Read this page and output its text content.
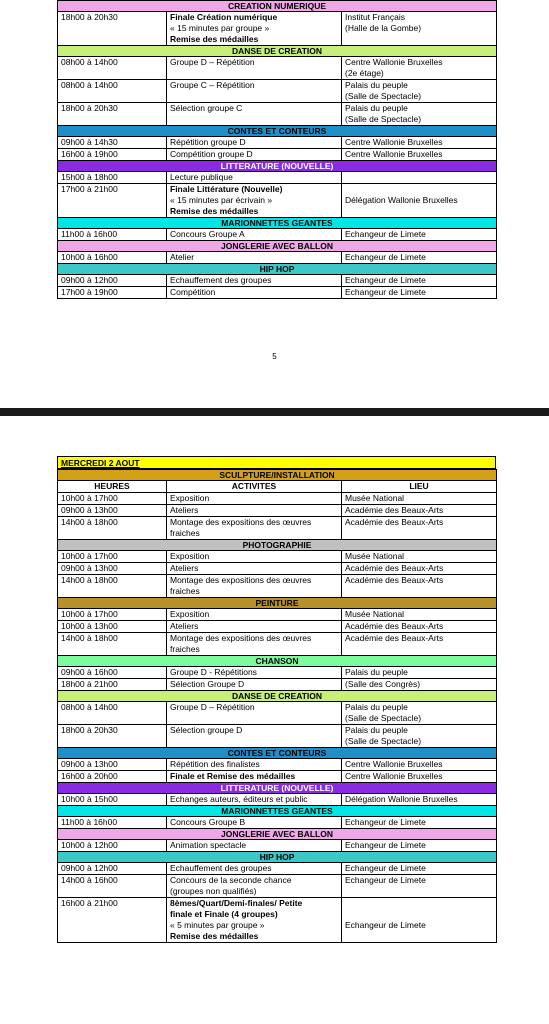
CREATION NUMERIQUE		
18h00 à 20h30	Finale Création numérique
« 15 minutes par groupe »
Remise des médailles	Institut Français
(Halle de la Gombe)

DANSE DE CREATION		
08h00 à 14h00	Groupe D – Répétition	Centre Wallonie Bruxelles
(2e étage)

08h00 à 14h00	Groupe C – Répétition	Palais du peuple
(Salle de Spectacle)

18h00 à 20h30	Sélection groupe C	Palais du peuple
(Salle de Spectacle)

CONTES ET CONTEURS		
09h00 à 14h30	Répétition groupe D	Centre Wallonie Bruxelles

16h00 à 19h00	Compétition groupe D	Centre Wallonie Bruxelles

LITTERATURE (NOUVELLE)		
15h00 à 18h00	Lecture publique	

17h00 à 21h00	Finale Littérature (Nouvelle)
« 15 minutes par écrivain »
Remise des médailles	Délégation Wallonie Bruxelles

MARIONNETTES GEANTES		
11h00 à 16h00	Concours Groupe A	Echangeur de Limete

JONGLERIE AVEC BALLON		
10h00 à 16h00	Atelier	Echangeur de Limete

HIP HOP		
09h00 à 12h00	Echauffement des groupes	Echangeur de Limete

17h00 à 19h00	Compétition	Echangeur de Limete
5
MERCREDI 2 AOUT
SCULPTURE/INSTALLATION		
HEURES	ACTIVITES	LIEU
10h00 à 17h00	Exposition	Musée National

09h00 à 13h00	Ateliers	Académie des Beaux-Arts

14h00 à 18h00	Montage des expositions des œuvres
fraiches	Académie des Beaux-Arts

PHOTOGRAPHIE		
10h00 à 17h00	Exposition	Musée National

09h00 à 13h00	Ateliers	Académie des Beaux-Arts

14h00 à 18h00	Montage des expositions des œuvres
fraiches	Académie des Beaux-Arts

PEINTURE		
10h00 à 17h00	Exposition	Musée National

10h00 à 13h00	Ateliers	Académie des Beaux-Arts

14h00 à 18h00	Montage des expositions des œuvres
fraiches	Académie des Beaux-Arts

CHANSON		
09h00 à 16h00	Groupe D - Répétitions	Palais du peuple

18h00 à 21h00	Sélection Groupe D	(Salle des Congrès)

DANSE DE CREATION		
08h00 à 14h00	Groupe D – Répétition	Palais du peuple
(Salle de Spectacle)

18h00 à 20h30	Sélection groupe D	Palais du peuple
(Salle de Spectacle)

CONTES ET CONTEURS		
09h00 à 13h00	Répétition des finalistes	Centre Wallonie Bruxelles

16h00 à 20h00	Finale et Remise des médailles	Centre Wallonie Bruxelles

LITTERATURE (NOUVELLE)		
10h00 à 15h00	Echanges auteurs, éditeurs et public	Délégation Wallonie Bruxelles

MARIONNETTES GEANTES		
11h00 à 16h00	Concours Groupe B	Echangeur de Limete

JONGLERIE AVEC BALLON		
10h00 à 12h00	Animation spectacle	Echangeur de Limete

HIP HOP		
09h00 à 12h00	Echauffement des groupes	Echangeur de Limete

14h00 à 16h00	Concours de la seconde chance
(groupes non qualifiés)	Echangeur de Limete

16h00 à 21h00	8èmes/Quart/Demi-finales/ Petite
finale et Finale (4 groupes)
« 5 minutes par groupe »
Remise des médailles	Echangeur de Limete
